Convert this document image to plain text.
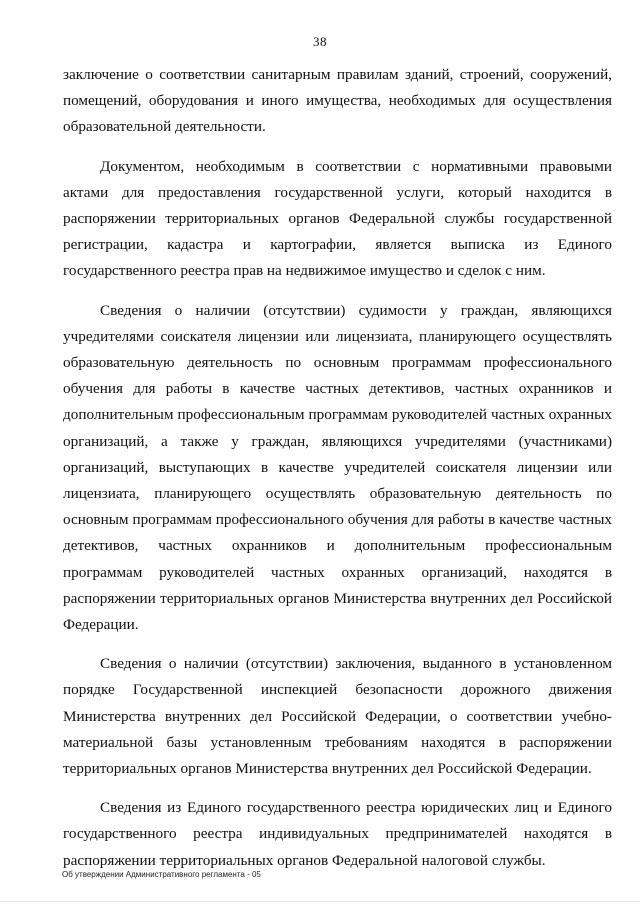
38

заключение о соответствии санитарным правилам зданий, строений, сооружений, помещений, оборудования и иного имущества, необходимых для осуществления образовательной деятельности.

Документом, необходимым в соответствии с нормативными правовыми актами для предоставления государственной услуги, который находится в распоряжении территориальных органов Федеральной службы государственной регистрации, кадастра и картографии, является выписка из Единого государственного реестра прав на недвижимое имущество и сделок с ним.

Сведения о наличии (отсутствии) судимости у граждан, являющихся учредителями соискателя лицензии или лицензиата, планирующего осуществлять образовательную деятельность по основным программам профессионального обучения для работы в качестве частных детективов, частных охранников и дополнительным профессиональным программам руководителей частных охранных организаций, а также у граждан, являющихся учредителями (участниками) организаций, выступающих в качестве учредителей соискателя лицензии или лицензиата, планирующего осуществлять образовательную деятельность по основным программам профессионального обучения для работы в качестве частных детективов, частных охранников и дополнительным профессиональным программам руководителей частных охранных организаций, находятся в распоряжении территориальных органов Министерства внутренних дел Российской Федерации.

Сведения о наличии (отсутствии) заключения, выданного в установленном порядке Государственной инспекцией безопасности дорожного движения Министерства внутренних дел Российской Федерации, о соответствии учебно-материальной базы установленным требованиям находятся в распоряжении территориальных органов Министерства внутренних дел Российской Федерации.

Сведения из Единого государственного реестра юридических лиц и Единого государственного реестра индивидуальных предпринимателей находятся в распоряжении территориальных органов Федеральной налоговой службы.

Об утверждении Административного регламента - 05
